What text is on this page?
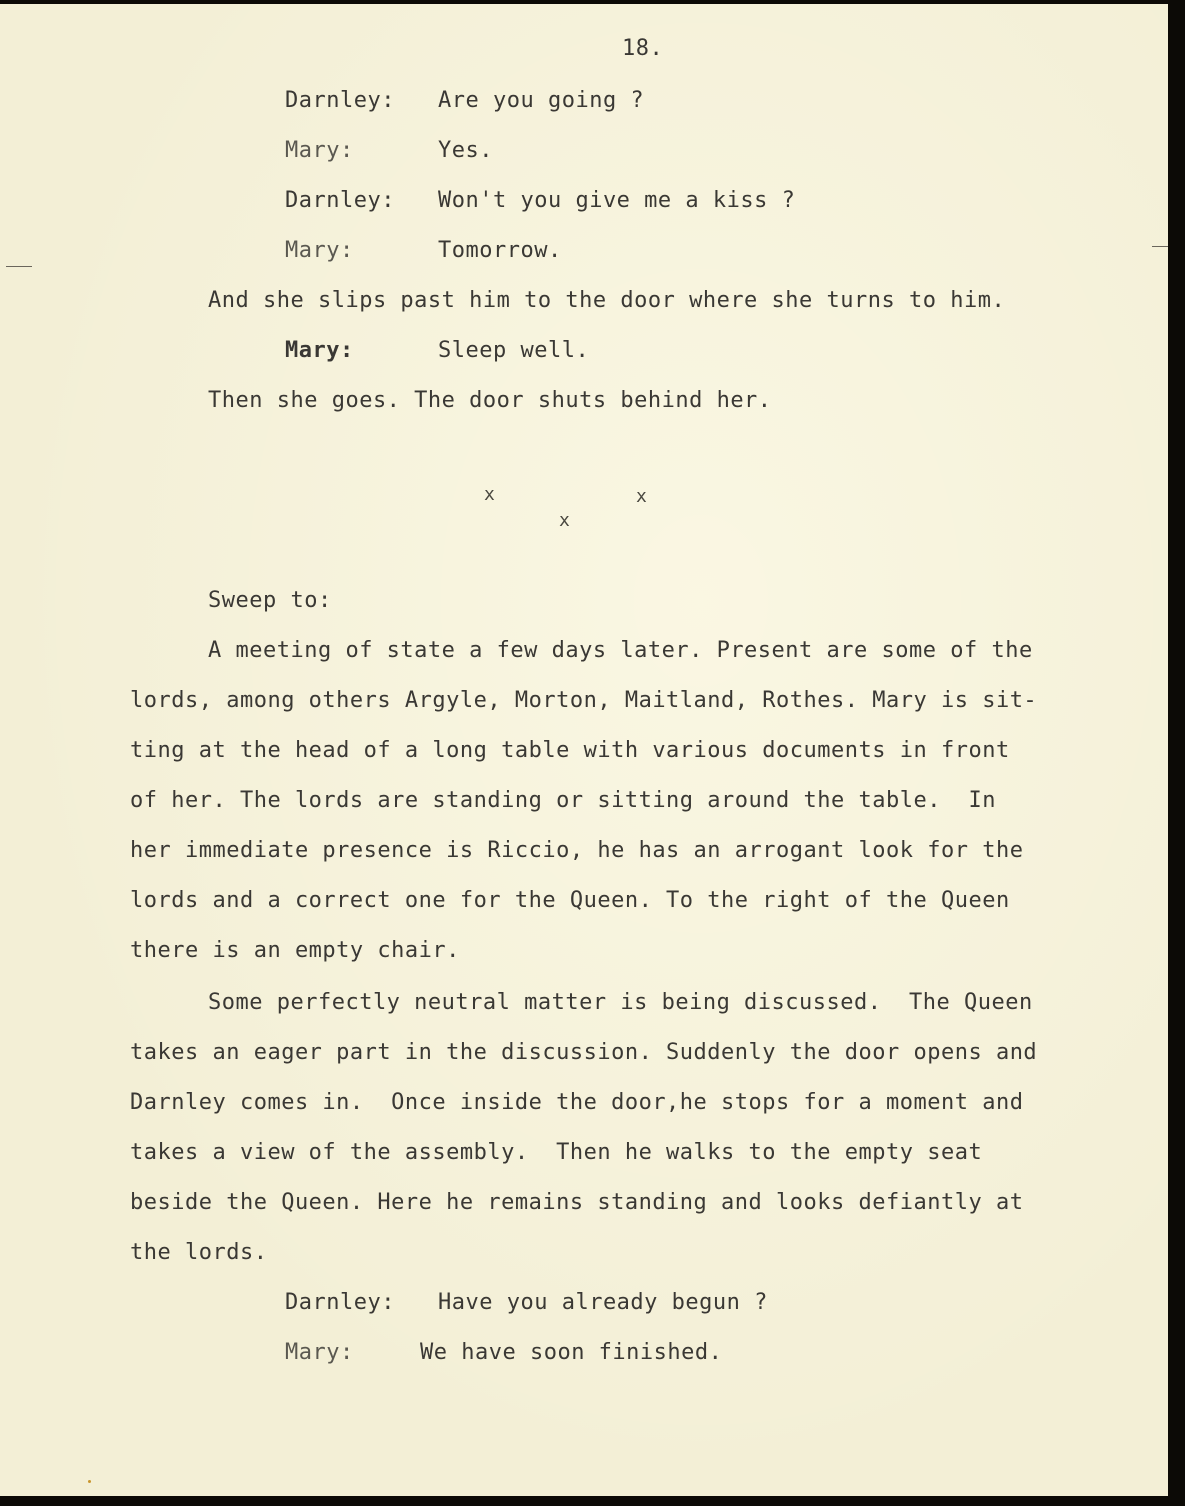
18.
Darnley: Are you going ?
Mary:	Yes.
Darnley: Won't you give me a kiss ?
Mary:	Tomorrow.
And she slips past him to the door where she turns to him.
Mary:	Sleep well.
Then she goes. The door shuts behind her.
x	x
x
Sweep to:
A meeting of state a few days later. Present are some of the
lords, among others Argyle, Morton, Maitland, Rothes. Mary is sit-
ting at the head of a long table with various documents in front
of her. The lords are standing or sitting around the table.  In
her immediate presence is Riccio, he has an arrogant look for the
lords and a correct one for the Queen. To the right of the Queen
there is an empty chair.
Some perfectly neutral matter is being discussed.  The Queen
takes an eager part in the discussion. Suddenly the door opens and
Darnley comes in.  Once inside the door,he stops for a moment and
takes a view of the assembly.  Then he walks to the empty seat
beside the Queen. Here he remains standing and looks defiantly at
the lords.
Darnley: Have you already begun ?
Mary:	We have soon finished.
